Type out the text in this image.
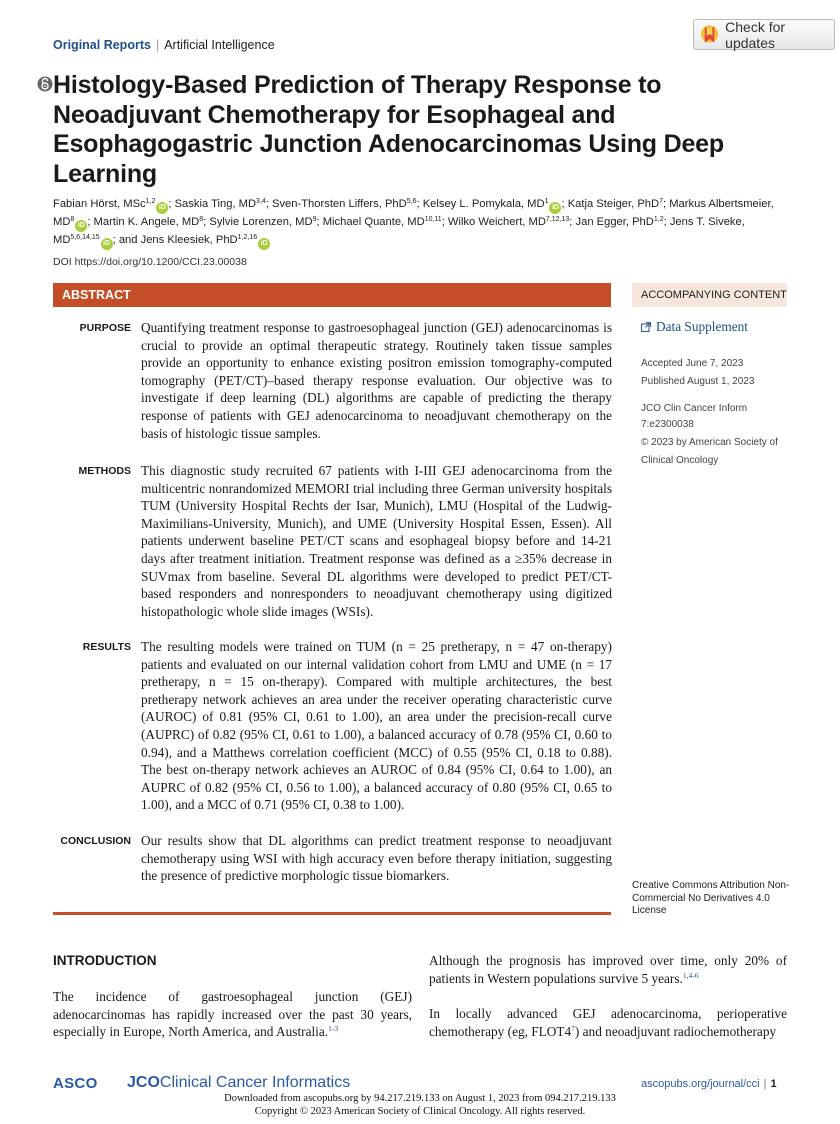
Original Reports | Artificial Intelligence
Check for updates
Histology-Based Prediction of Therapy Response to Neoadjuvant Chemotherapy for Esophageal and Esophagogastric Junction Adenocarcinomas Using Deep Learning
Fabian Hörst, MSc$^{1,2}$iD ; Saskia Ting, MD$^{3,4}$; Sven-Thorsten Liffers, PhD$^{5,6}$; Kelsey L. Pomykala, $MD^1iD$ ; Katja Steiger, PhD$^7$; Markus Albertsmeier, $MD^8iD$ ; Martin K. Angele, $MD^8$; Sylvie Lorenzen, $MD^9$; Michael Quante, MD$^{10,11}$; Wilko Weichert, MD$^{7,12,13}$; Jan Egger, PhD$^{1,2}$; Jens T. Siveke, MD$^{5,6,14,15}$iD ; and Jens Kleesiek, PhD$^{1,2,16}$iD
DOI https://doi.org/10.1200/CCI.23.00038
ABSTRACT
PURPOSE Quantifying treatment response to gastroesophageal junction (GEJ) adenocarcinomas is crucial to provide an optimal therapeutic strategy. Routinely taken tissue samples provide an opportunity to enhance existing positron emission tomography-computed tomography (PET/CT)–based therapy response evaluation. Our objective was to investigate if deep learning (DL) algorithms are capable of predicting the therapy response of patients with GEJ adenocarcinoma to neoadjuvant chemotherapy on the basis of histologic tissue samples.

METHODS This diagnostic study recruited 67 patients with I-III GEJ adenocarcinoma from the multicentric nonrandomized MEMORI trial including three German university hospitals TUM (University Hospital Rechts der Isar, Munich), LMU (Hospital of the Ludwig-Maximilians-University, Munich), and UME (University Hospital Essen, Essen). All patients underwent baseline PET/CT scans and esophageal biopsy before and 14-21 days after treatment initiation. Treatment response was defined as a ≥35% decrease in SUVmax from baseline. Several DL algorithms were developed to predict PET/CT-based responders and nonresponders to neoadjuvant chemotherapy using digitized histopathologic whole slide images (WSIs).

RESULTS The resulting models were trained on TUM (n = 25 pretherapy, n = 47 on-therapy) patients and evaluated on our internal validation cohort from LMU and UME (n = 17 pretherapy, n = 15 on-therapy). Compared with multiple architectures, the best pretherapy network achieves an area under the receiver operating characteristic curve (AUROC) of 0.81 (95% CI, 0.61 to 1.00), an area under the precision-recall curve (AUPRC) of 0.82 (95% CI, 0.61 to 1.00), a balanced accuracy of 0.78 (95% CI, 0.60 to 0.94), and a Matthews correlation coefficient (MCC) of 0.55 (95% CI, 0.18 to 0.88). The best on-therapy network achieves an AUROC of 0.84 (95% CI, 0.64 to 1.00), an AUPRC of 0.82 (95% CI, 0.56 to 1.00), a balanced accuracy of 0.80 (95% CI, 0.65 to 1.00), and a MCC of 0.71 (95% CI, 0.38 to 1.00).

CONCLUSION Our results show that DL algorithms can predict treatment response to neoadjuvant chemotherapy using WSI with high accuracy even before therapy initiation, suggesting the presence of predictive morphologic tissue biomarkers.

ACCOMPANYING CONTENT
Data Supplement
Accepted June 7, 2023
Published August 1, 2023
JCO Clin Cancer Inform
7:e2300038
© 2023 by American Society of
Clinical Oncology
Creative Commons Attribution Non-Commercial No Derivatives 4.0 License
INTRODUCTION

The incidence of gastroesophageal junction (GEJ) adenocarcinomas has rapidly increased over the past 30 years, especially in Europe, North America, and Australia.$^{1-3}$

Although the prognosis has improved over time, only 20% of patients in Western populations survive 5 years.$^{1,4-6}$

In locally advanced GEJ adenocarcinoma, perioperative chemotherapy (eg, FLOT4$^7$) and neoadjuvant radiochemotherapy

ASCO JCOClinical Cancer Informatics	ascopubs.org/journal/cci | 1
Downloaded from ascopubs.org by 94.217.219.133 on August 1, 2023 from 094.217.219.133
Copyright © 2023 American Society of Clinical Oncology. All rights reserved.
